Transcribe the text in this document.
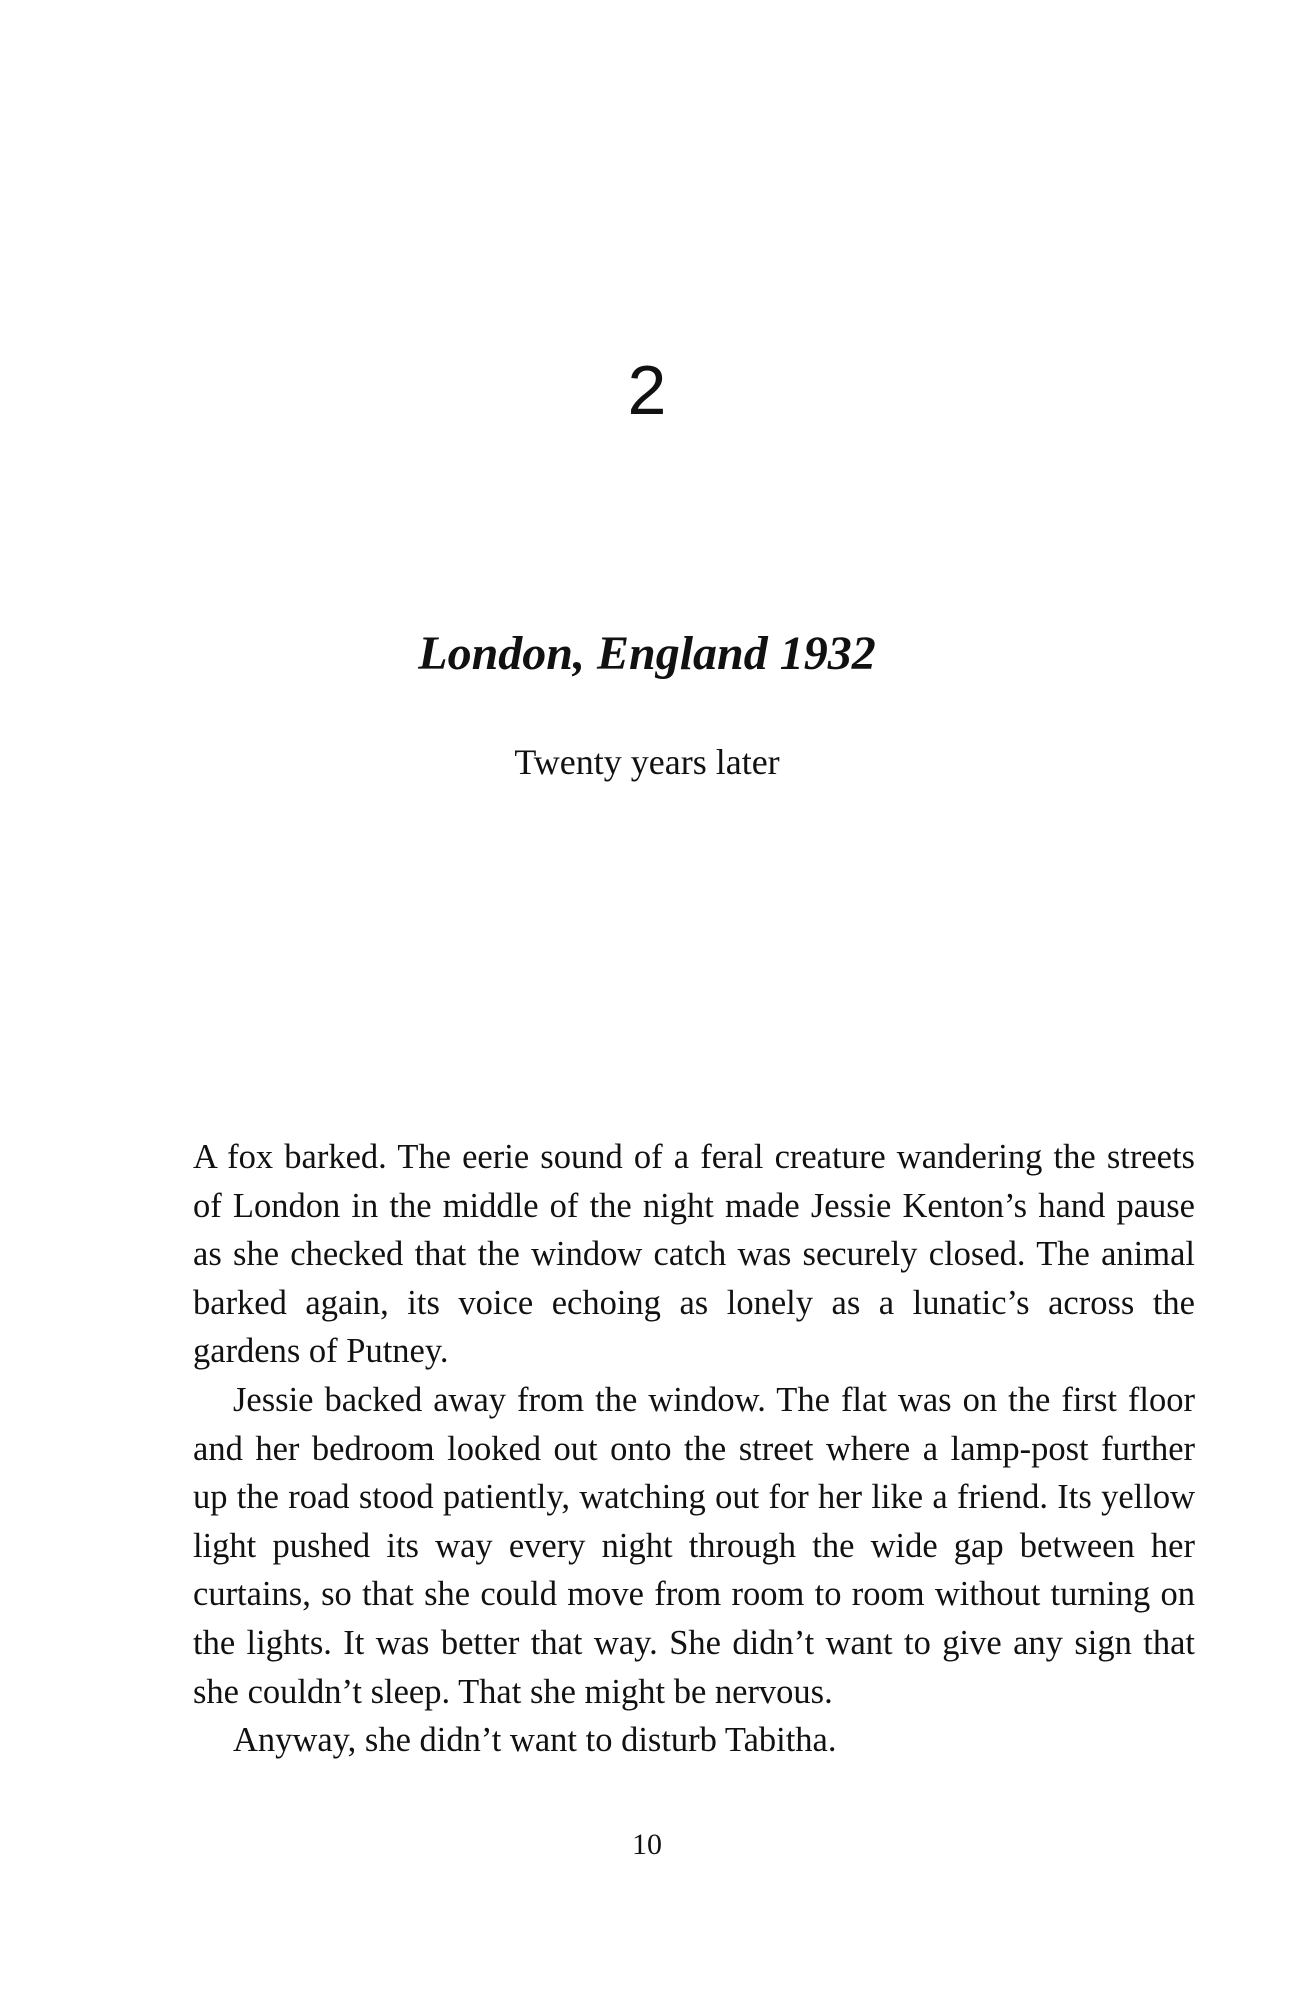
2
London, England 1932
Twenty years later

A fox barked. The eerie sound of a feral creature wandering the streets of London in the middle of the night made Jessie Kenton’s hand pause as she checked that the window catch was securely closed. The animal barked again, its voice echoing as lonely as a lunatic’s across the gardens of Putney.

Jessie backed away from the window. The flat was on the first floor and her bedroom looked out onto the street where a lamp-post further up the road stood patiently, watching out for her like a friend. Its yellow light pushed its way every night through the wide gap between her curtains, so that she could move from room to room without turning on the lights. It was better that way. She didn’t want to give any sign that she couldn’t sleep. That she might be nervous.

Anyway, she didn’t want to disturb Tabitha.

10
